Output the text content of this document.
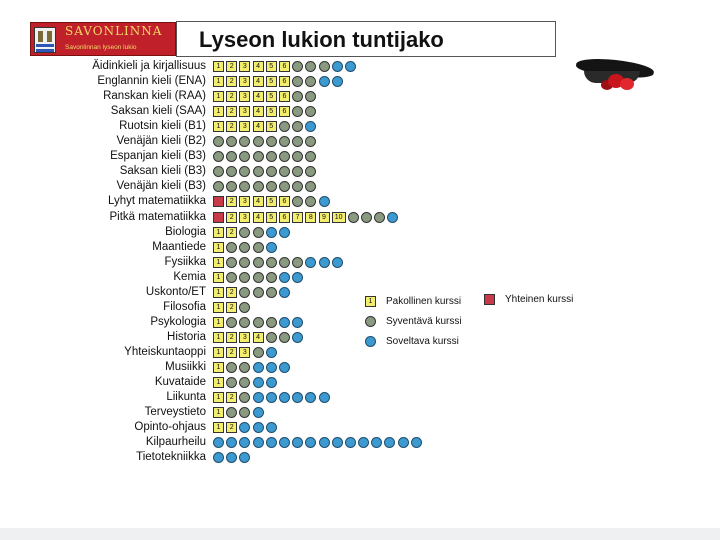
SAVONLINNA
Savonlinnan lyseon lukio	Lyseon lukion tuntijako
Äidinkieli ja kirjallisuus	1	2	3	4	5	6
Englannin kieli (ENA)	1	2	3	4	5	6
Ranskan kieli (RAA)	1	2	3	4	5	6
Saksan kieli (SAA)	1	2	3	4	5	6
Ruotsin kieli (B1)	1	2	3	4	5
Venäjän kieli (B2)
Espanjan kieli (B3)
Saksan kieli (B3)
Venäjän kieli (B3)
Lyhyt matematiikka	2	3	4	5	6
Pitkä matematiikka	2	3	4	5	6	7	8	9	10
Biologia	1	2
Maantiede	1
Fysiikka	1
Kemia	1
Uskonto/ET	1	2
Filosofia	1	2
Psykologia	1
Historia	1	2	3	4
Yhteiskuntaoppi	1	2	3
Musiikki	1
Kuvataide	1
Liikunta	1	2
Terveystieto	1
Opinto-ohjaus	1	2
Kilpaurheilu
Tietotekniikka
1	Pakollinen kurssi
Syventävä kurssi
Soveltava kurssi
Yhteinen kurssi
